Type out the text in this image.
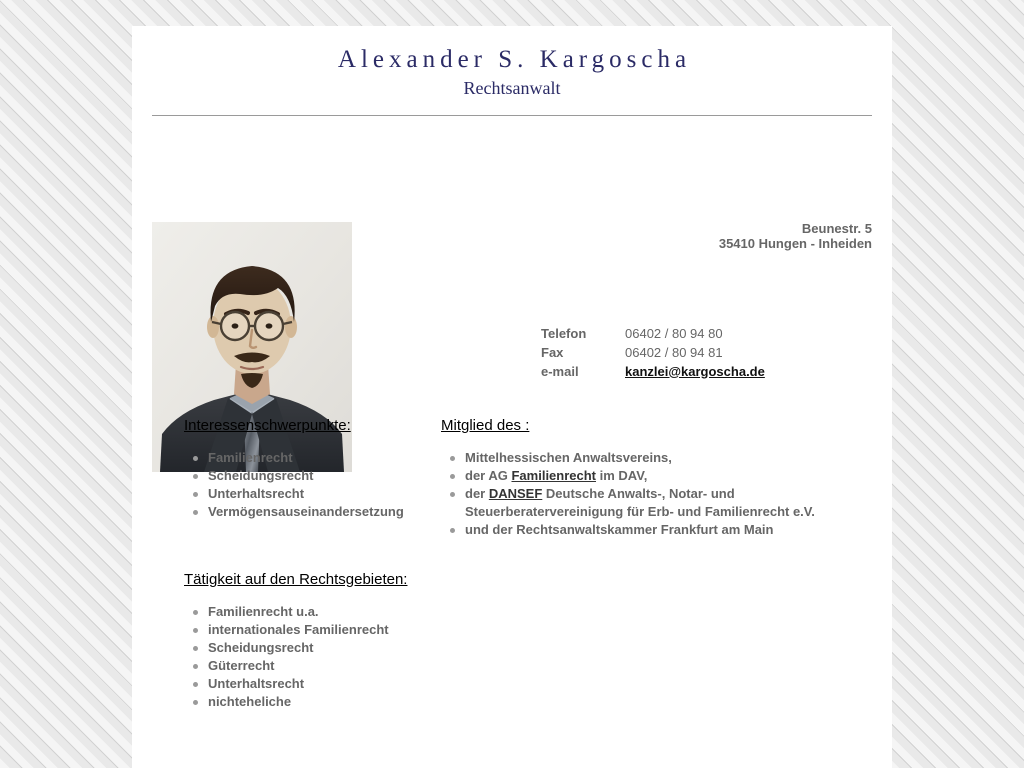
Alexander S. Kargoscha
Rechtsanwalt
Beunestr. 5
35410 Hungen - Inheiden
Telefon	06402 / 80 94 80
Fax	06402 / 80 94 81
e-mail	kanzlei@kargoscha.de
Interessenschwerpunkte:
Familienrecht
Scheidungsrecht
Unterhaltsrecht
Vermögensauseinandersetzung
Mitglied des :
Mittelhessischen Anwaltsvereins,
der AG Familienrecht im DAV,
der DANSEF Deutsche Anwalts-, Notar- und Steuerberatervereinigung für Erb- und Familienrecht e.V.
und der Rechtsanwaltskammer Frankfurt am Main
Tätigkeit auf den Rechtsgebieten:
Familienrecht u.a.
internationales Familienrecht
Scheidungsrecht
Güterrecht
Unterhaltsrecht
nichteheliche
